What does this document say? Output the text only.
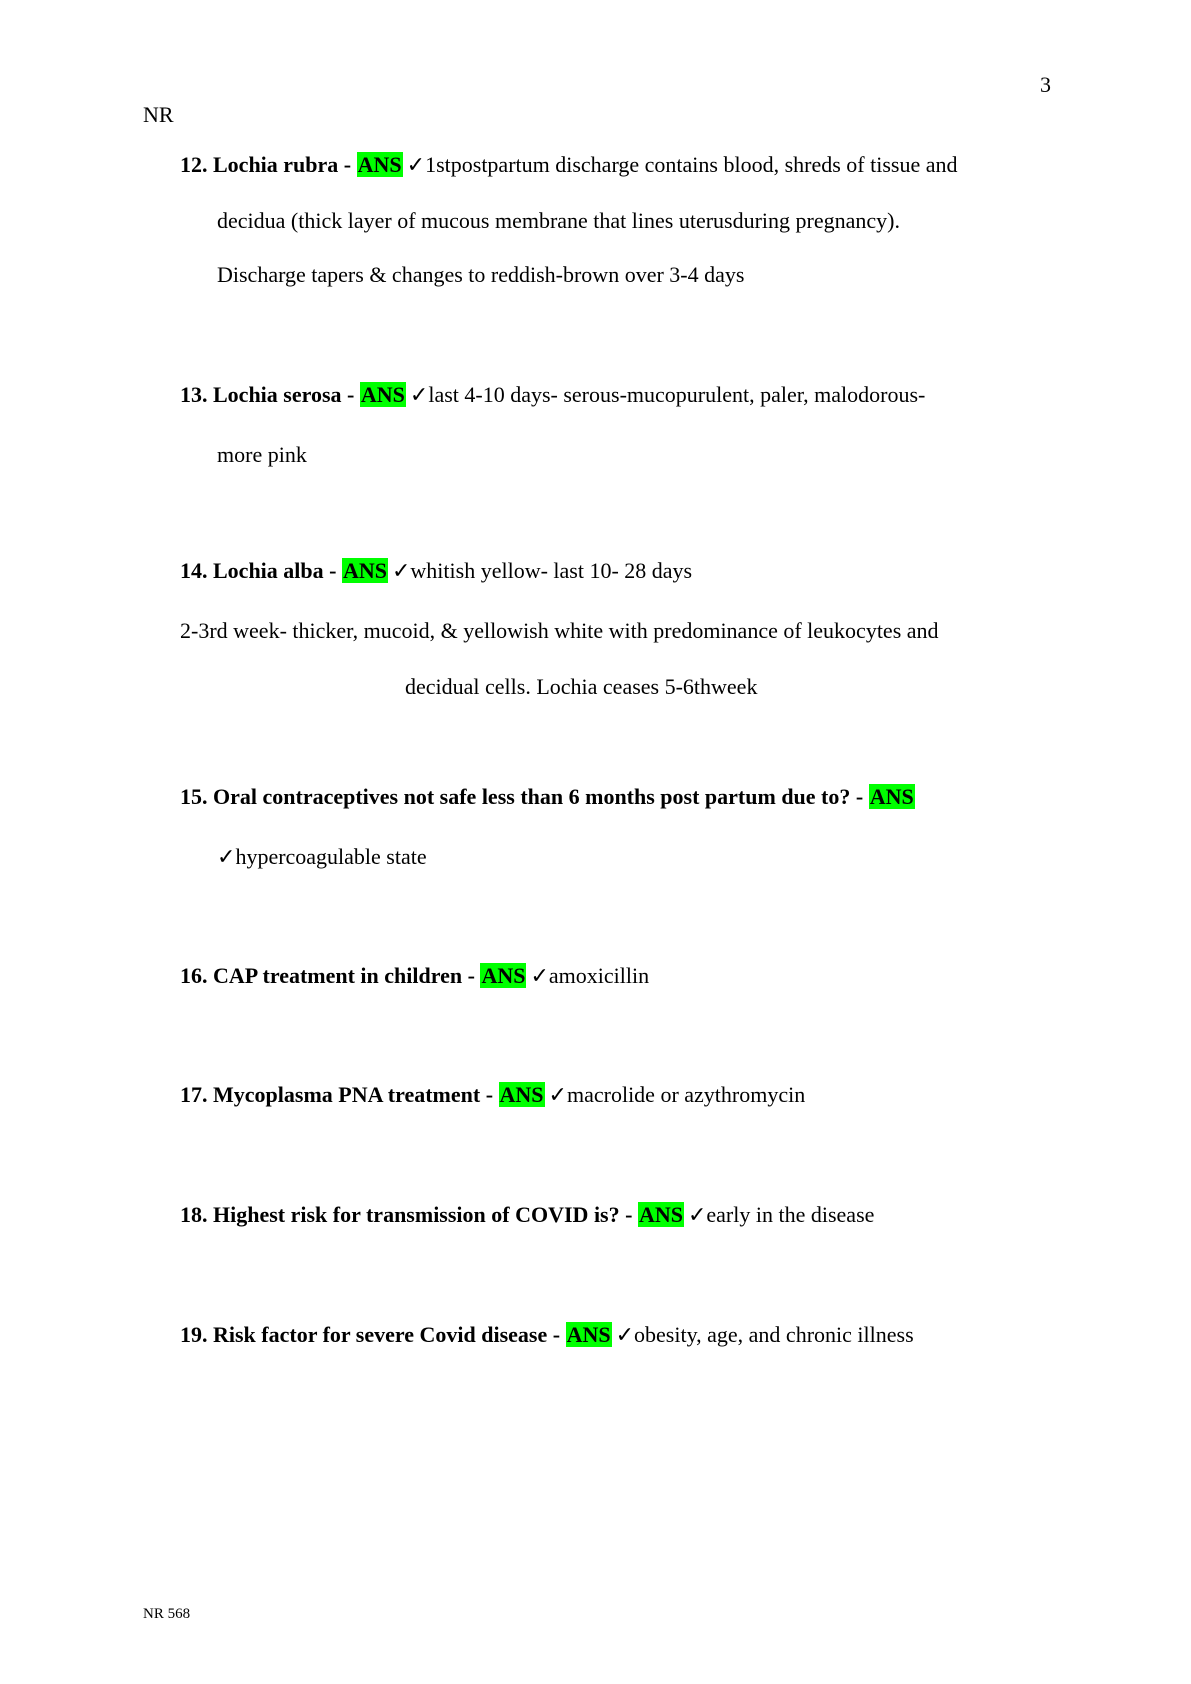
3
NR
12. Lochia rubra - ANS ✓1stpostpartum discharge contains blood, shreds of tissue and
decidua (thick layer of mucous membrane that lines uterusduring pregnancy).
Discharge tapers & changes to reddish-brown over 3-4 days
13. Lochia serosa - ANS ✓last 4-10 days- serous-mucopurulent, paler, malodorous-
more pink
14. Lochia alba - ANS ✓whitish yellow- last 10- 28 days
2-3rd week- thicker, mucoid, & yellowish white with predominance of leukocytes and
decidual cells. Lochia ceases 5-6thweek
15. Oral contraceptives not safe less than 6 months post partum due to? - ANS
✓hypercoagulable state
16. CAP treatment in children - ANS ✓amoxicillin
17. Mycoplasma PNA treatment - ANS ✓macrolide or azythromycin
18. Highest risk for transmission of COVID is? - ANS ✓early in the disease
19. Risk factor for severe Covid disease - ANS ✓obesity, age, and chronic illness
NR 568
